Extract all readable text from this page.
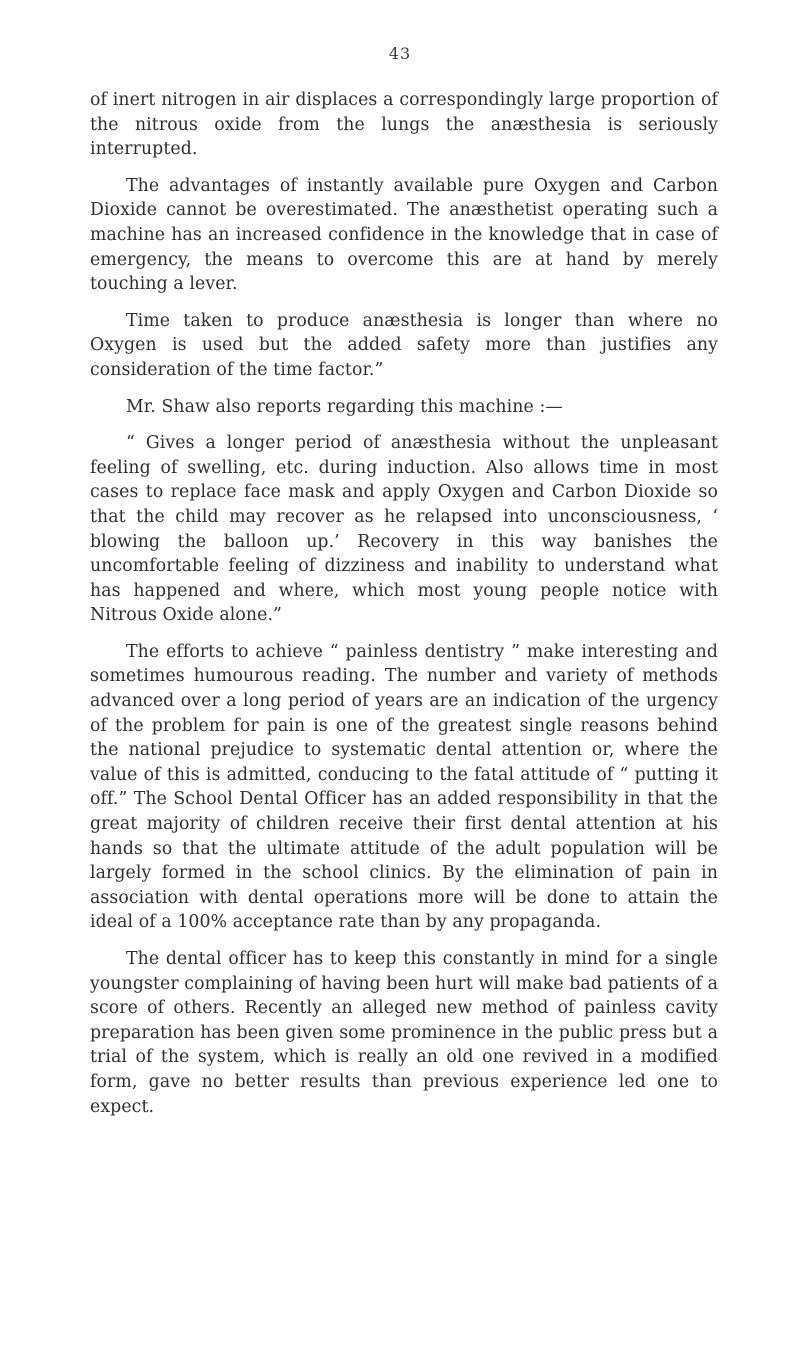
43

of inert nitrogen in air displaces a correspondingly large proportion of the nitrous oxide from the lungs the anæsthesia is seriously interrupted.

The advantages of instantly available pure Oxygen and Carbon Dioxide cannot be overestimated. The anæsthetist operating such a machine has an increased confidence in the knowledge that in case of emergency, the means to overcome this are at hand by merely touching a lever.

Time taken to produce anæsthesia is longer than where no Oxygen is used but the added safety more than justifies any consideration of the time factor.”

Mr. Shaw also reports regarding this machine :—

“ Gives a longer period of anæsthesia without the unpleasant feeling of swelling, etc. during induction. Also allows time in most cases to replace face mask and apply Oxygen and Carbon Dioxide so that the child may recover as he relapsed into unconsciousness, ‘ blowing the balloon up.’ Recovery in this way banishes the uncomfortable feeling of dizziness and inability to understand what has happened and where, which most young people notice with Nitrous Oxide alone.”

The efforts to achieve “ painless dentistry ” make interesting and sometimes humourous reading. The number and variety of methods advanced over a long period of years are an indication of the urgency of the problem for pain is one of the greatest single reasons behind the national prejudice to systematic dental attention or, where the value of this is admitted, conducing to the fatal attitude of “ putting it off.” The School Dental Officer has an added responsibility in that the great majority of children receive their first dental attention at his hands so that the ultimate attitude of the adult population will be largely formed in the school clinics. By the elimination of pain in association with dental operations more will be done to attain the ideal of a 100% acceptance rate than by any propaganda.

The dental officer has to keep this constantly in mind for a single youngster complaining of having been hurt will make bad patients of a score of others. Recently an alleged new method of painless cavity preparation has been given some prominence in the public press but a trial of the system, which is really an old one revived in a modified form, gave no better results than previous experience led one to expect.
